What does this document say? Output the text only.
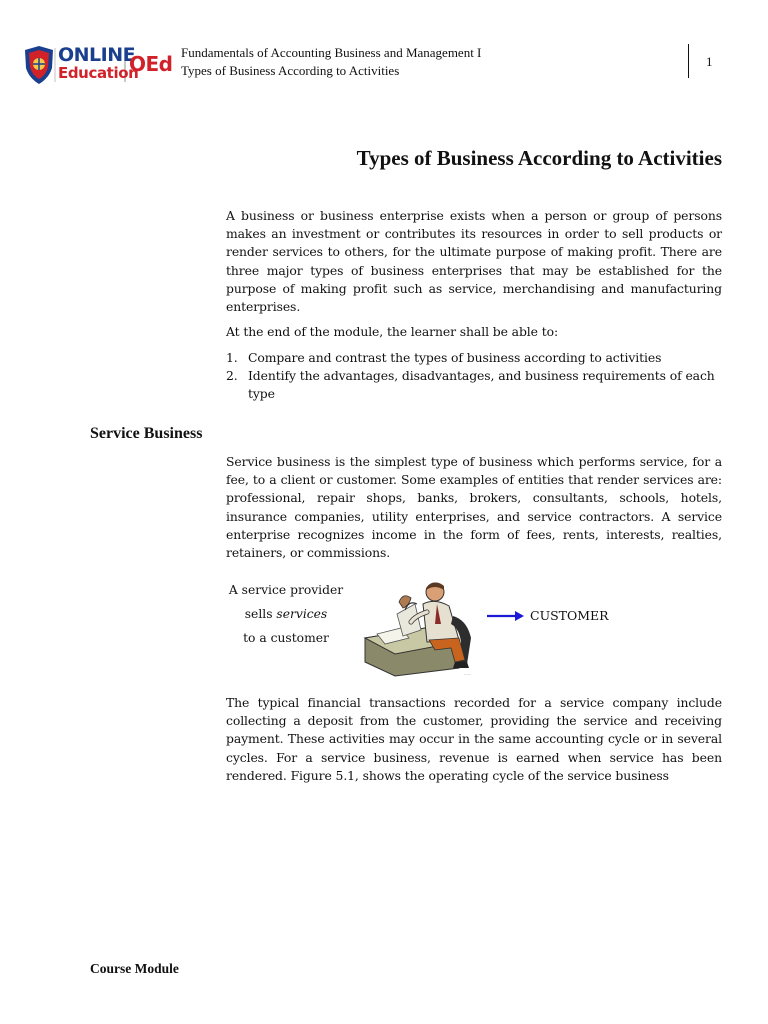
ONLINE
Education
OEd Fundamentals of Accounting Business and Management I
Types of Business According to Activities
1
Types of Business According to Activities

A business or business enterprise exists when a person or group of persons makes an investment or contributes its resources in order to sell products or render services to others, for the ultimate purpose of making profit. There are three major types of business enterprises that may be established for the purpose of making profit such as service, merchandising and manufacturing enterprises.

At the end of the module, the learner shall be able to:

1. Compare and contrast the types of business according to activities
2. Identify the advantages, disadvantages, and business requirements of each type
Service Business

Service business is the simplest type of business which performs service, for a fee, to a client or customer. Some examples of entities that render services are: professional, repair shops, banks, brokers, consultants, schools, hotels, insurance companies, utility enterprises, and service contractors. A service enterprise recognizes income in the form of fees, rents, interests, realties, retainers, or commissions.

A service provider
sells services
to a customer
~~~
CUSTOMER

The typical financial transactions recorded for a service company include collecting a deposit from the customer, providing the service and receiving payment. These activities may occur in the same accounting cycle or in several cycles. For a service business, revenue is earned when service has been rendered. Figure 5.1, shows the operating cycle of the service business

Course Module
